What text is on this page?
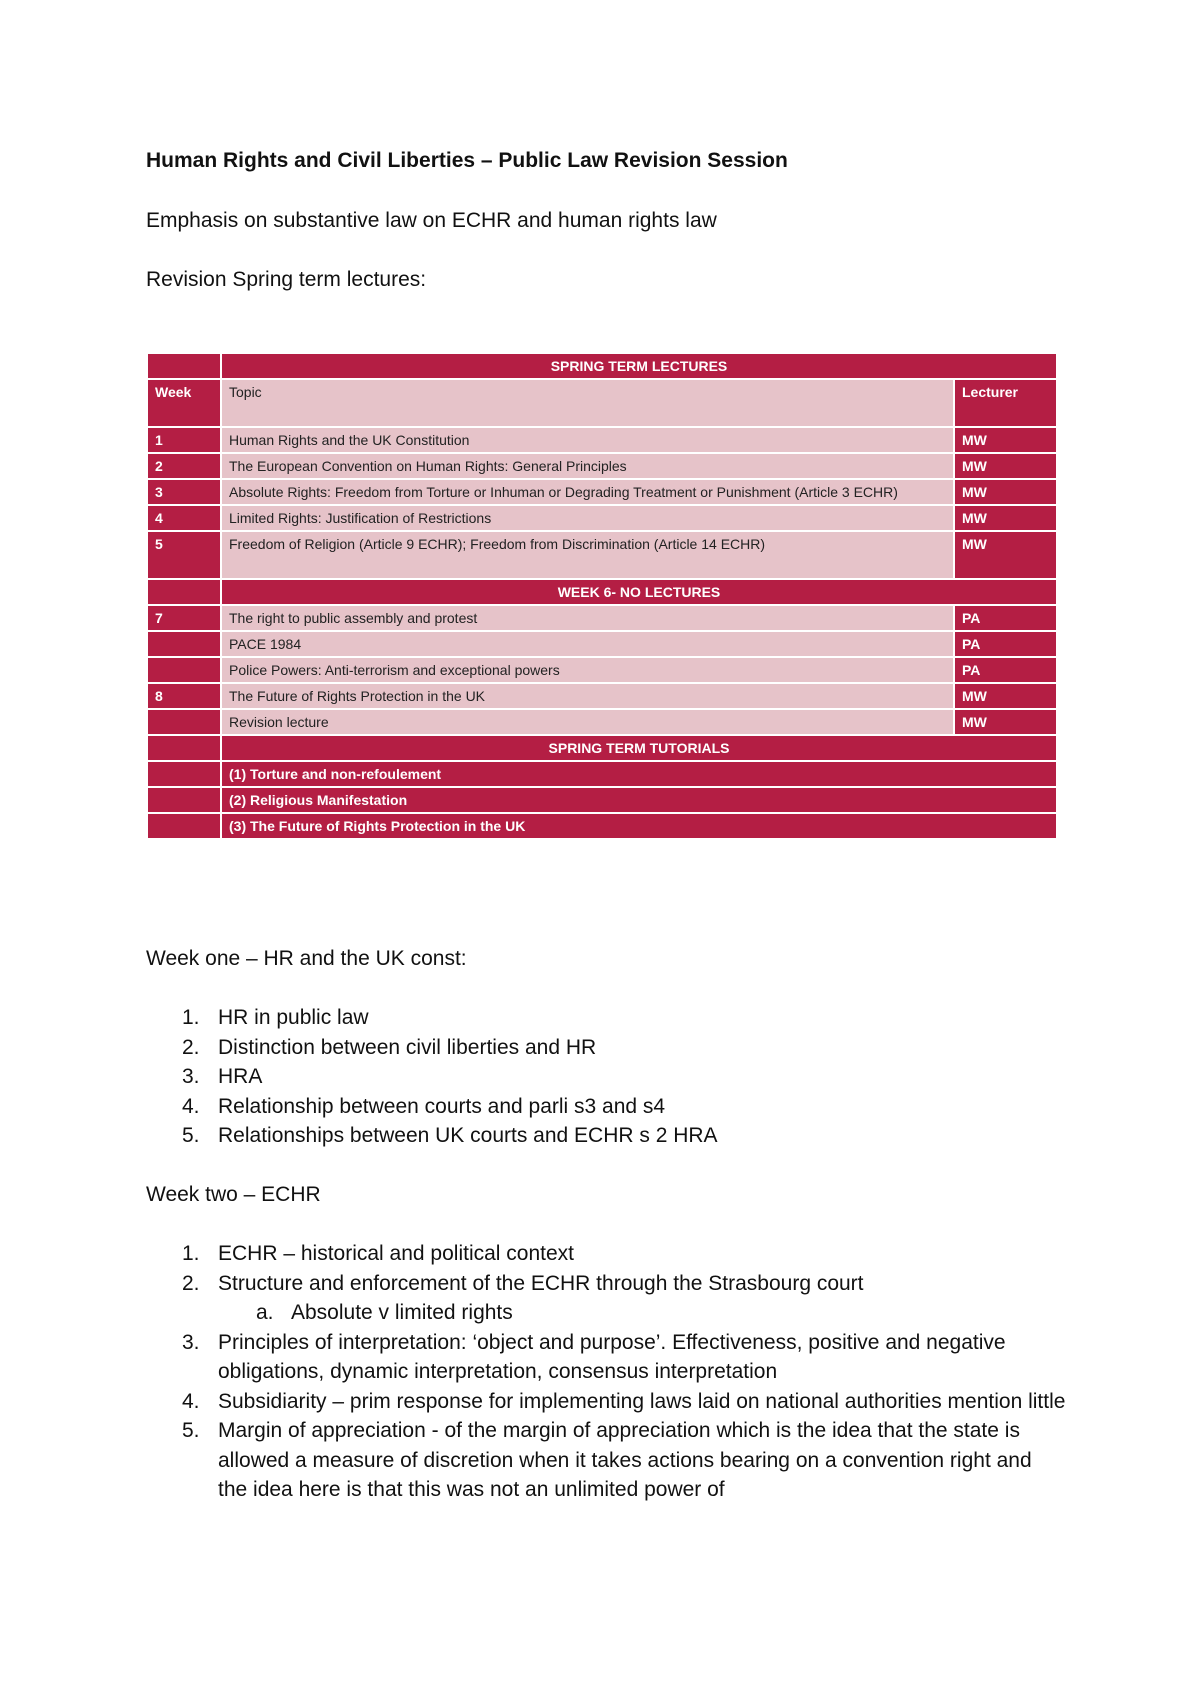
Human Rights and Civil Liberties – Public Law Revision Session
Emphasis on substantive law on ECHR and human rights law
Revision Spring term lectures:
	SPRING TERM LECTURES	
Week	Topic	Lecturer
1	Human Rights and the UK Constitution	MW
2	The European Convention on Human Rights: General Principles	MW
3	Absolute Rights: Freedom from Torture or Inhuman or Degrading Treatment or Punishment (Article 3 ECHR)	MW
4	Limited Rights: Justification of Restrictions	MW
5	Freedom of Religion (Article 9 ECHR); Freedom from Discrimination (Article 14 ECHR)	MW
	WEEK 6- NO LECTURES	
7	The right to public assembly and protest	PA
	PACE 1984	PA
	Police Powers: Anti-terrorism and exceptional powers	PA
8	The Future of Rights Protection in the UK	MW
	Revision lecture	MW
	SPRING TERM TUTORIALS	
	(1) Torture and non-refoulement	
	(2) Religious Manifestation	
	(3) The Future of Rights Protection in the UK	
Week one – HR and the UK const:
1. HR in public law
2. Distinction between civil liberties and HR
3. HRA
4. Relationship between courts and parli s3 and s4
5. Relationships between UK courts and ECHR s 2 HRA
Week two – ECHR
1. ECHR – historical and political context
2. Structure and enforcement of the ECHR through the Strasbourg court
a. Absolute v limited rights
3. Principles of interpretation: ‘object and purpose’. Effectiveness, positive and negative obligations, dynamic interpretation, consensus interpretation
4. Subsidiarity – prim response for implementing laws laid on national authorities mention little
5. Margin of appreciation - of the margin of appreciation which is the idea that the state is allowed a measure of discretion when it takes actions bearing on a convention right and the idea here is that this was not an unlimited power of
